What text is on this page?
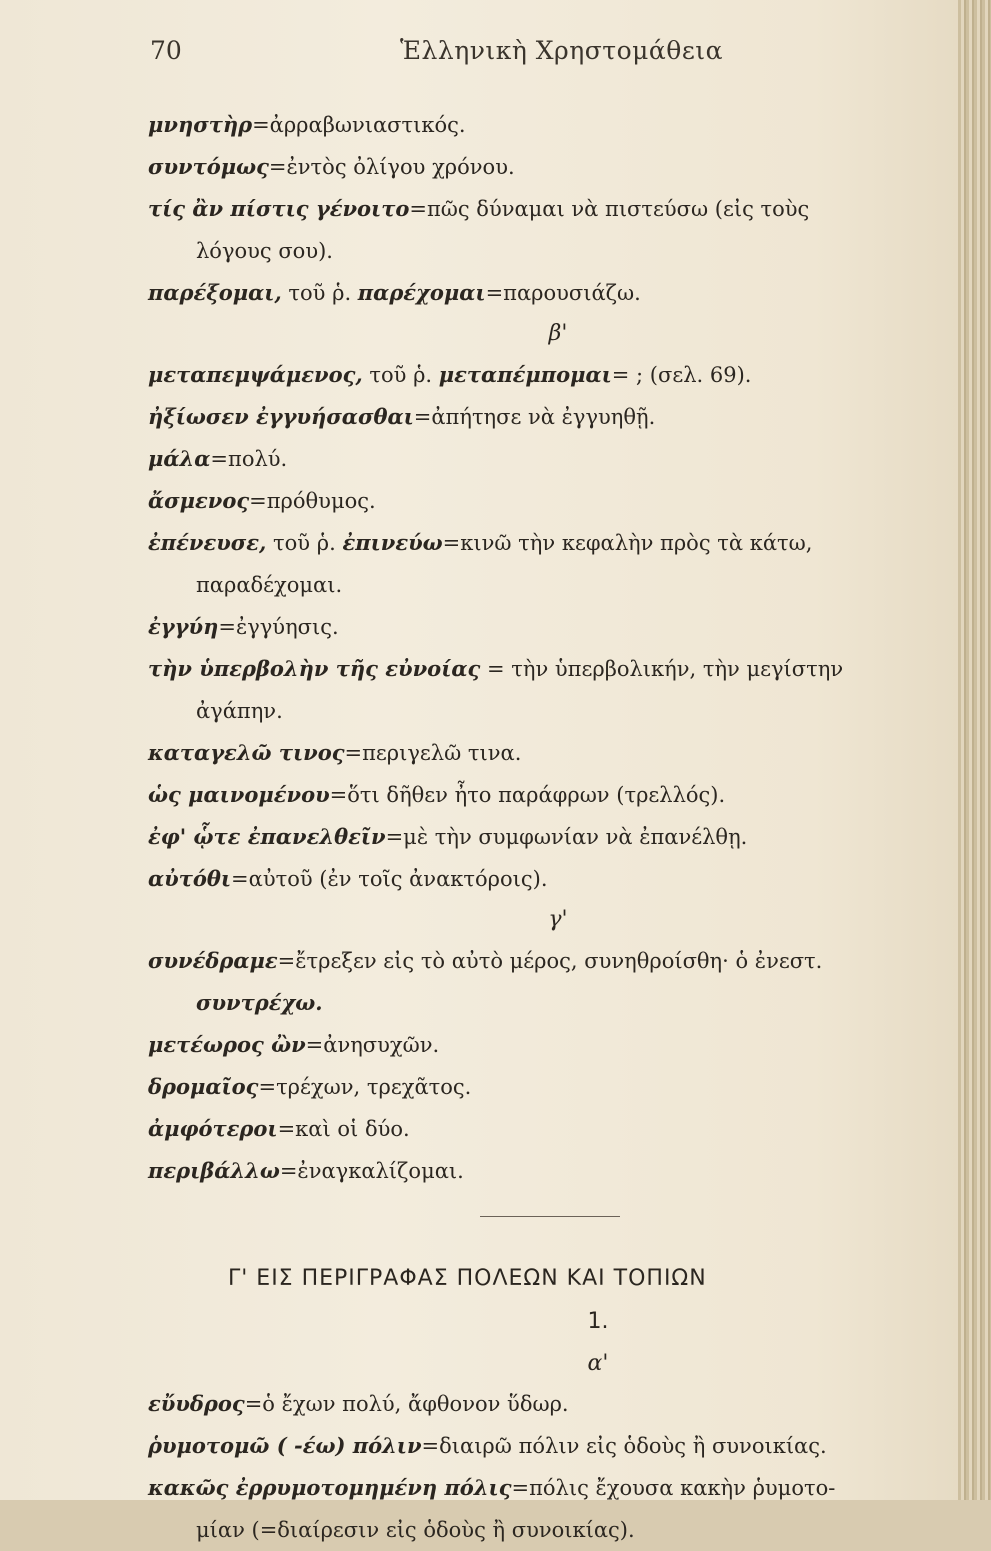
70	Ἑλληνικὴ Χρηστομάθεια
μνηστὴρ=ἀρραβωνιαστικός.
συντόμως=ἐντὸς ὀλίγου χρόνου.
τίς ἂν πίστις γένοιτο=πῶς δύναμαι νὰ πιστεύσω (εἰς τοὺς
λόγους σου).
παρέξομαι, τοῦ ῥ. παρέχομαι=παρουσιάζω.
β'
μεταπεμψάμενος, τοῦ ῥ. μεταπέμπομαι= ; (σελ. 69).
ἠξίωσεν ἐγγυήσασθαι=ἀπήτησε νὰ ἐγγυηθῇ.
μάλα=πολύ.
ἄσμενος=πρόθυμος.
ἐπένευσε, τοῦ ῥ. ἐπινεύω=κινῶ τὴν κεφαλὴν πρὸς τὰ κάτω,
παραδέχομαι.
ἐγγύη=ἐγγύησις.
τὴν ὑπερβολὴν τῆς εὐνοίας = τὴν ὑπερβολικήν, τὴν μεγίστην
ἀγάπην.
καταγελῶ τινος=περιγελῶ τινα.
ὡς μαινομένου=ὅτι δῆθεν ἦτο παράφρων (τρελλός).
ἐφ' ᾧτε ἐπανελθεῖν=μὲ τὴν συμφωνίαν νὰ ἐπανέλθῃ.
αὐτόθι=αὐτοῦ (ἐν τοῖς ἀνακτόροις).
γ'
συνέδραμε=ἔτρεξεν εἰς τὸ αὐτὸ μέρος, συνηθροίσθη· ὁ ἐνεστ.
συντρέχω.
μετέωρος ὢν=ἀνησυχῶν.
δρομαῖος=τρέχων, τρεχᾶτος.
ἀμφότεροι=καὶ οἱ δύο.
περιβάλλω=ἐναγκαλίζομαι.
Γ' ΕΙΣ ΠΕΡΙΓΡΑΦΑΣ ΠΟΛΕΩΝ ΚΑΙ ΤΟΠΙΩΝ
1.
α'
εὔυδρος=ὁ ἔχων πολύ, ἄφθονον ὕδωρ.
ῥυμοτομῶ ( -έω) πόλιν=διαιρῶ πόλιν εἰς ὁδοὺς ἢ συνοικίας.
κακῶς ἐρρυμοτομημένη πόλις=πόλις ἔχουσα κακὴν ῥυμοτο-
μίαν (=διαίρεσιν εἰς ὁδοὺς ἢ συνοικίας).
